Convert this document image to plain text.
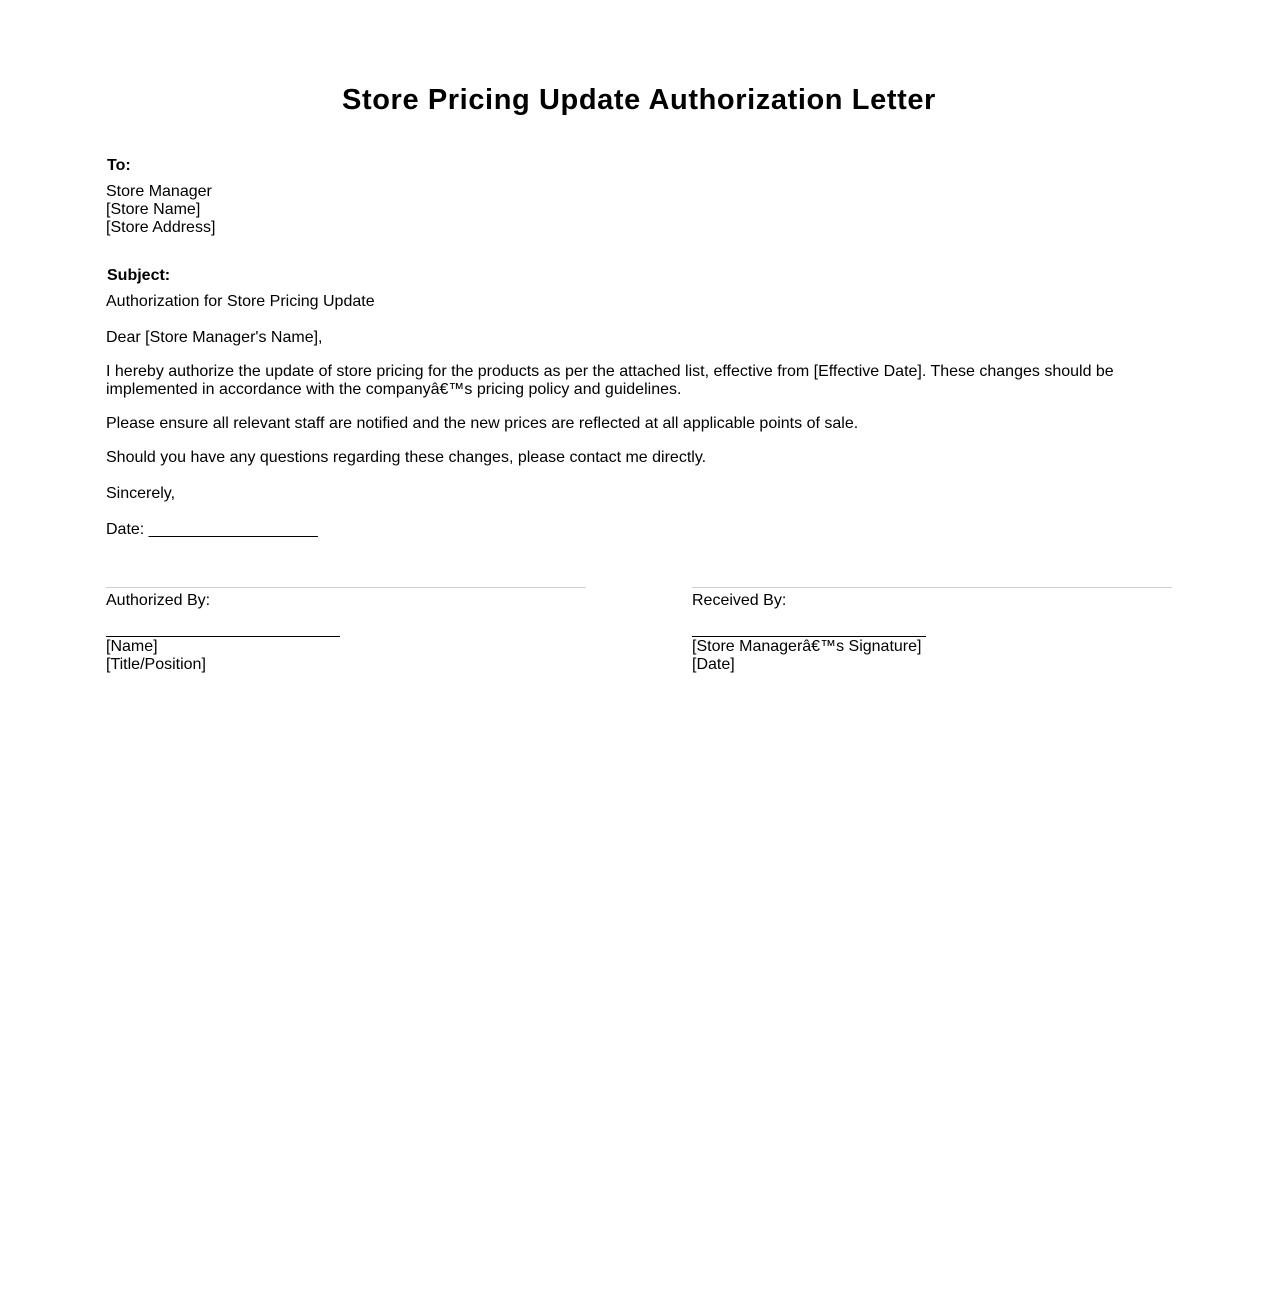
Store Pricing Update Authorization Letter
To:
Store Manager
[Store Name]
[Store Address]
Subject:
Authorization for Store Pricing Update
Dear [Store Manager's Name],
I hereby authorize the update of store pricing for the products as per the attached list, effective from [Effective Date]. These changes should be implemented in accordance with the companyâ€™s pricing policy and guidelines.
Please ensure all relevant staff are notified and the new prices are reflected at all applicable points of sale.
Should you have any questions regarding these changes, please contact me directly.
Sincerely,
Date: ___________________
Authorized By:
[Name]
[Title/Position]
Received By:
[Store Managerâ€™s Signature]
[Date]
